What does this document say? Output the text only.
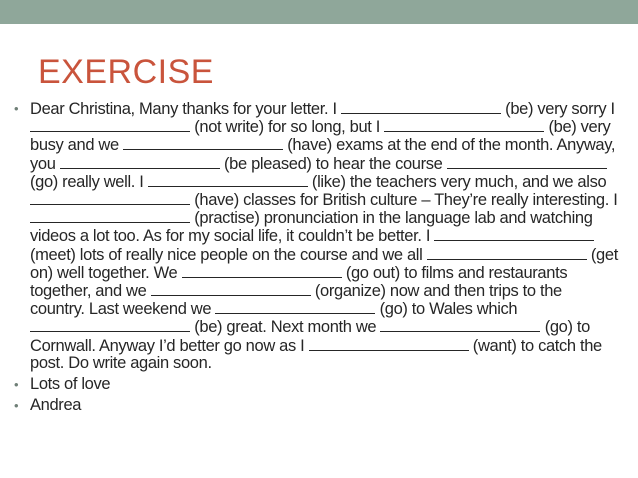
EXERCISE
• Dear Christina, Many thanks for your letter. I	(be) very sorry I  (not write) for so long, but I	(be) very busy and we	(have) exams at the end of the month. Anyway, you	(be pleased) to hear the course	(go) really well. I	(like) the teachers very much, and we also  (have) classes for British culture – They’re really interesting. I  (practise) pronunciation in the language lab and watching videos a lot too. As for my social life, it couldn’t be better. I	(meet) lots of really nice people on the course and we all	(get on) well together. We	(go out) to films and restaurants together, and we	(organize) now and then trips to the country. Last weekend we	(go) to Wales which  (be) great. Next month we	(go) to Cornwall. Anyway I’d better go now as I	(want) to catch the post. Do write again soon.
• Lots of love
• Andrea
